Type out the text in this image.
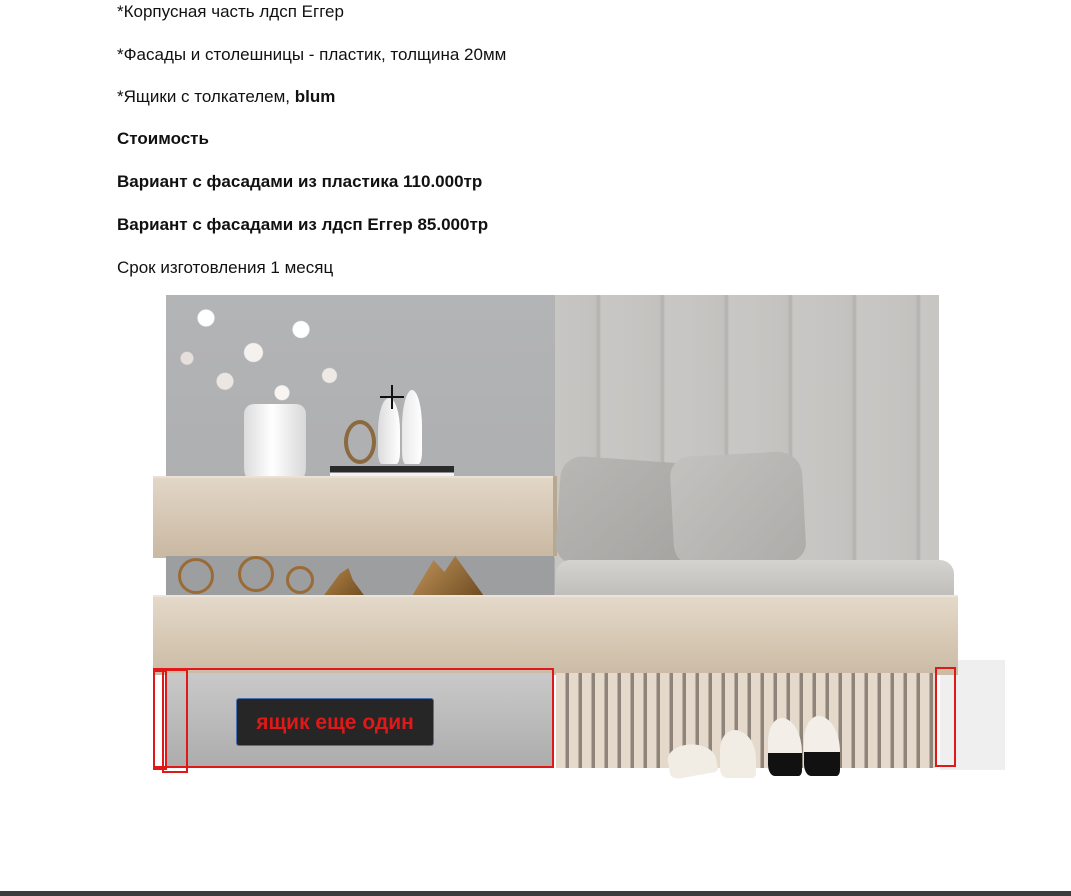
*Корпусная часть лдсп Еггер
*Фасады и столешницы - пластик, толщина 20мм
*Ящики с толкателем, blum
Стоимость
Вариант с фасадами из пластика 110.000тр
Вариант с фасадами из лдсп Еггер 85.000тр
Срок изготовления 1 месяц
ящик еще один
